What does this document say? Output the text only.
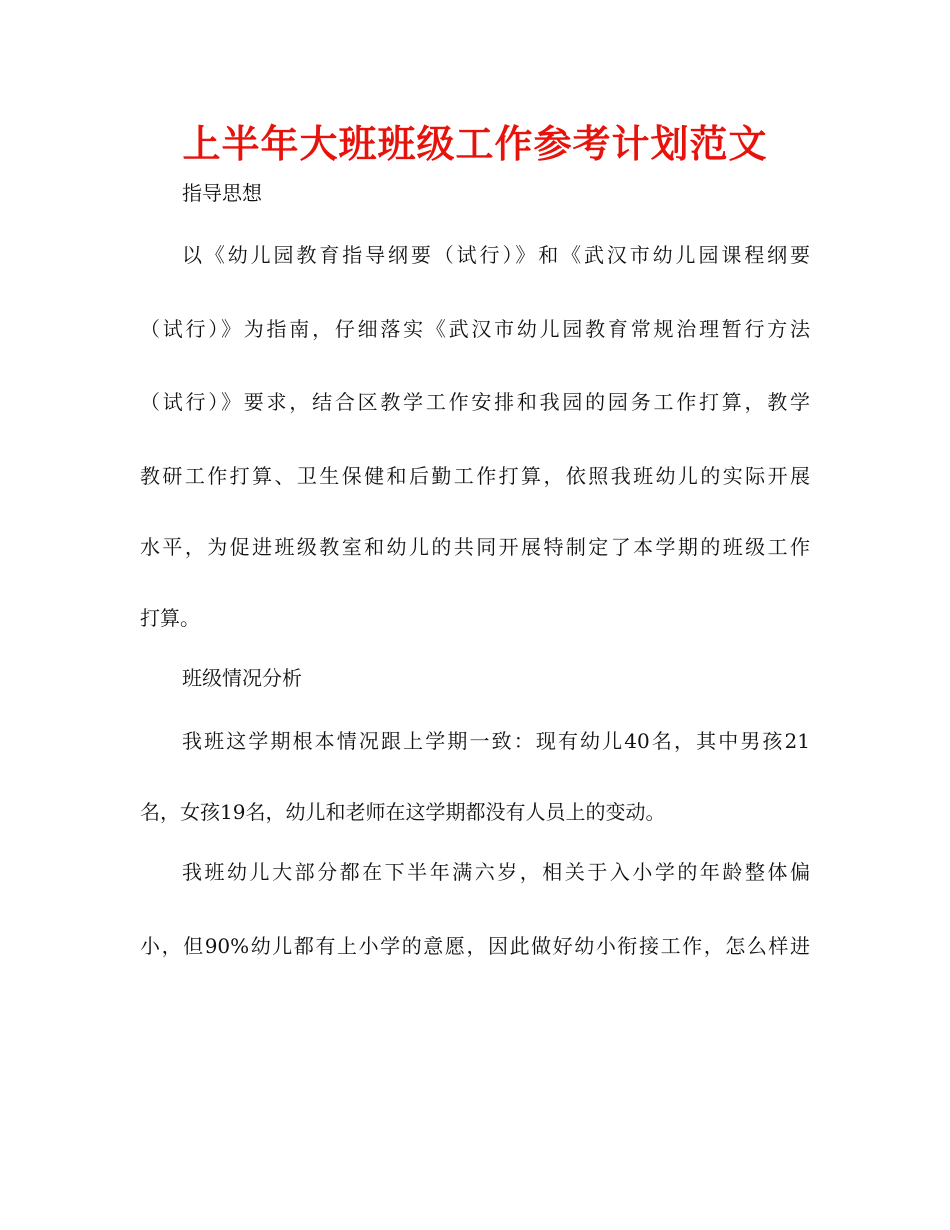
上半年大班班级工作参考计划范文
指导思想
以《幼儿园教育指导纲要（试行）》和《武汉市幼儿园课程纲要
（试行）》为指南，仔细落实《武汉市幼儿园教育常规治理暂行方法
（试行）》要求，结合区教学工作安排和我园的园务工作打算，教学
教研工作打算、卫生保健和后勤工作打算，依照我班幼儿的实际开展
水平，为促进班级教室和幼儿的共同开展特制定了本学期的班级工作
打算。
班级情况分析
我班这学期根本情况跟上学期一致：现有幼儿40名，其中男孩21
名，女孩19名，幼儿和老师在这学期都没有人员上的变动。
我班幼儿大部分都在下半年满六岁，相关于入小学的年龄整体偏
小，但90%幼儿都有上小学的意愿，因此做好幼小衔接工作，怎么样进
